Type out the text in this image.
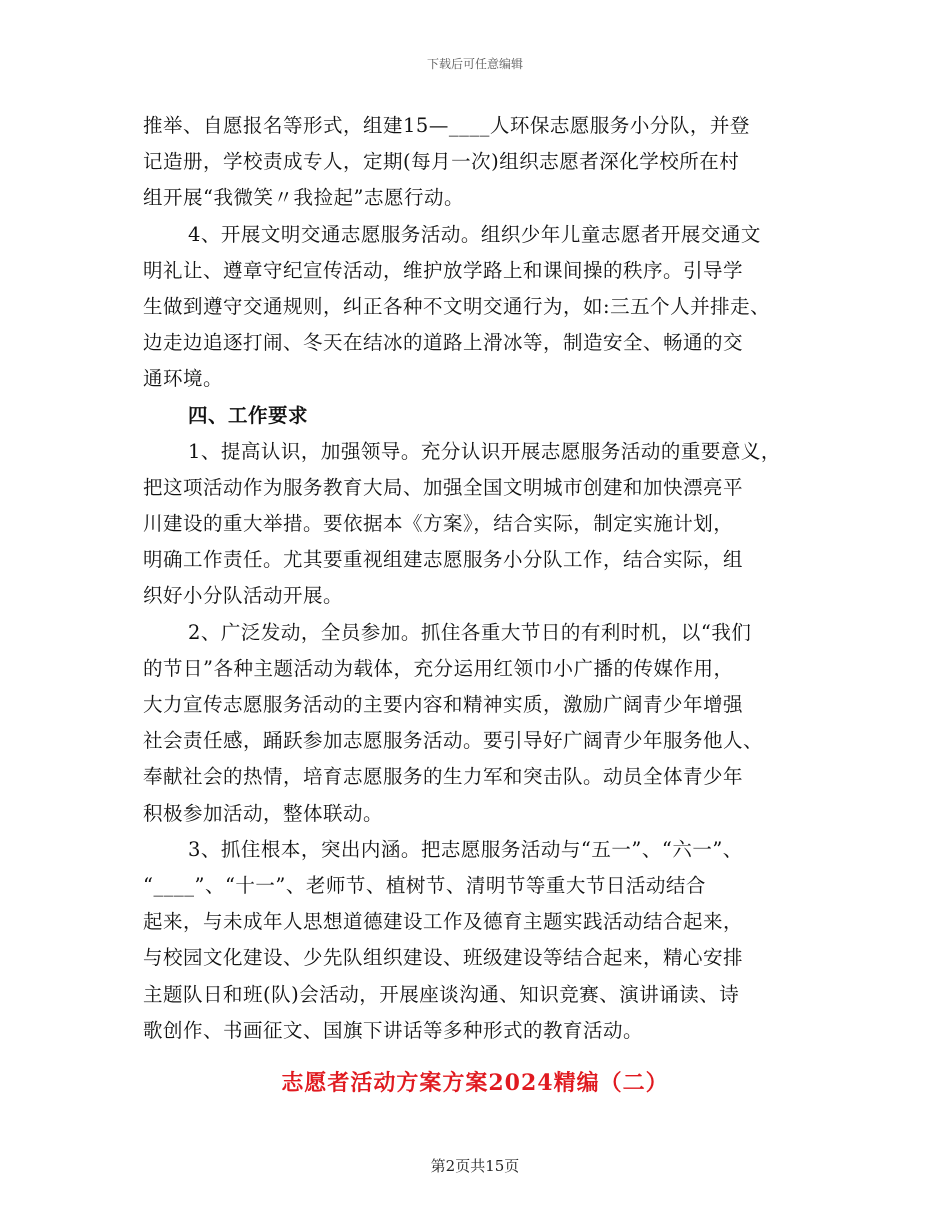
下载后可任意编辑
推举、自愿报名等形式，组建15—____人环保志愿服务小分队，并登
记造册，学校责成专人，定期(每月一次)组织志愿者深化学校所在村
组开展“我微笑〃我捡起”志愿行动。
4、开展文明交通志愿服务活动。组织少年儿童志愿者开展交通文
明礼让、遵章守纪宣传活动，维护放学路上和课间操的秩序。引导学
生做到遵守交通规则，纠正各种不文明交通行为，如:三五个人并排走、
边走边追逐打闹、冬天在结冰的道路上滑冰等，制造安全、畅通的交
通环境。
四、工作要求
1、提高认识，加强领导。充分认识开展志愿服务活动的重要意义，
把这项活动作为服务教育大局、加强全国文明城市创建和加快漂亮平
川建设的重大举措。要依据本《方案》，结合实际，制定实施计划，
明确工作责任。尤其要重视组建志愿服务小分队工作，结合实际，组
织好小分队活动开展。
2、广泛发动，全员参加。抓住各重大节日的有利时机，以“我们
的节日”各种主题活动为载体，充分运用红领巾小广播的传媒作用，
大力宣传志愿服务活动的主要内容和精神实质，激励广阔青少年增强
社会责任感，踊跃参加志愿服务活动。要引导好广阔青少年服务他人、
奉献社会的热情，培育志愿服务的生力军和突击队。动员全体青少年
积极参加活动，整体联动。
3、抓住根本，突出内涵。把志愿服务活动与“五一”、“六一”、
“____”、“十一”、老师节、植树节、清明节等重大节日活动结合
起来，与未成年人思想道德建设工作及德育主题实践活动结合起来，
与校园文化建设、少先队组织建设、班级建设等结合起来，精心安排
主题队日和班(队)会活动，开展座谈沟通、知识竞赛、演讲诵读、诗
歌创作、书画征文、国旗下讲话等多种形式的教育活动。
志愿者活动方案方案2024精编（二）
第2页共15页
